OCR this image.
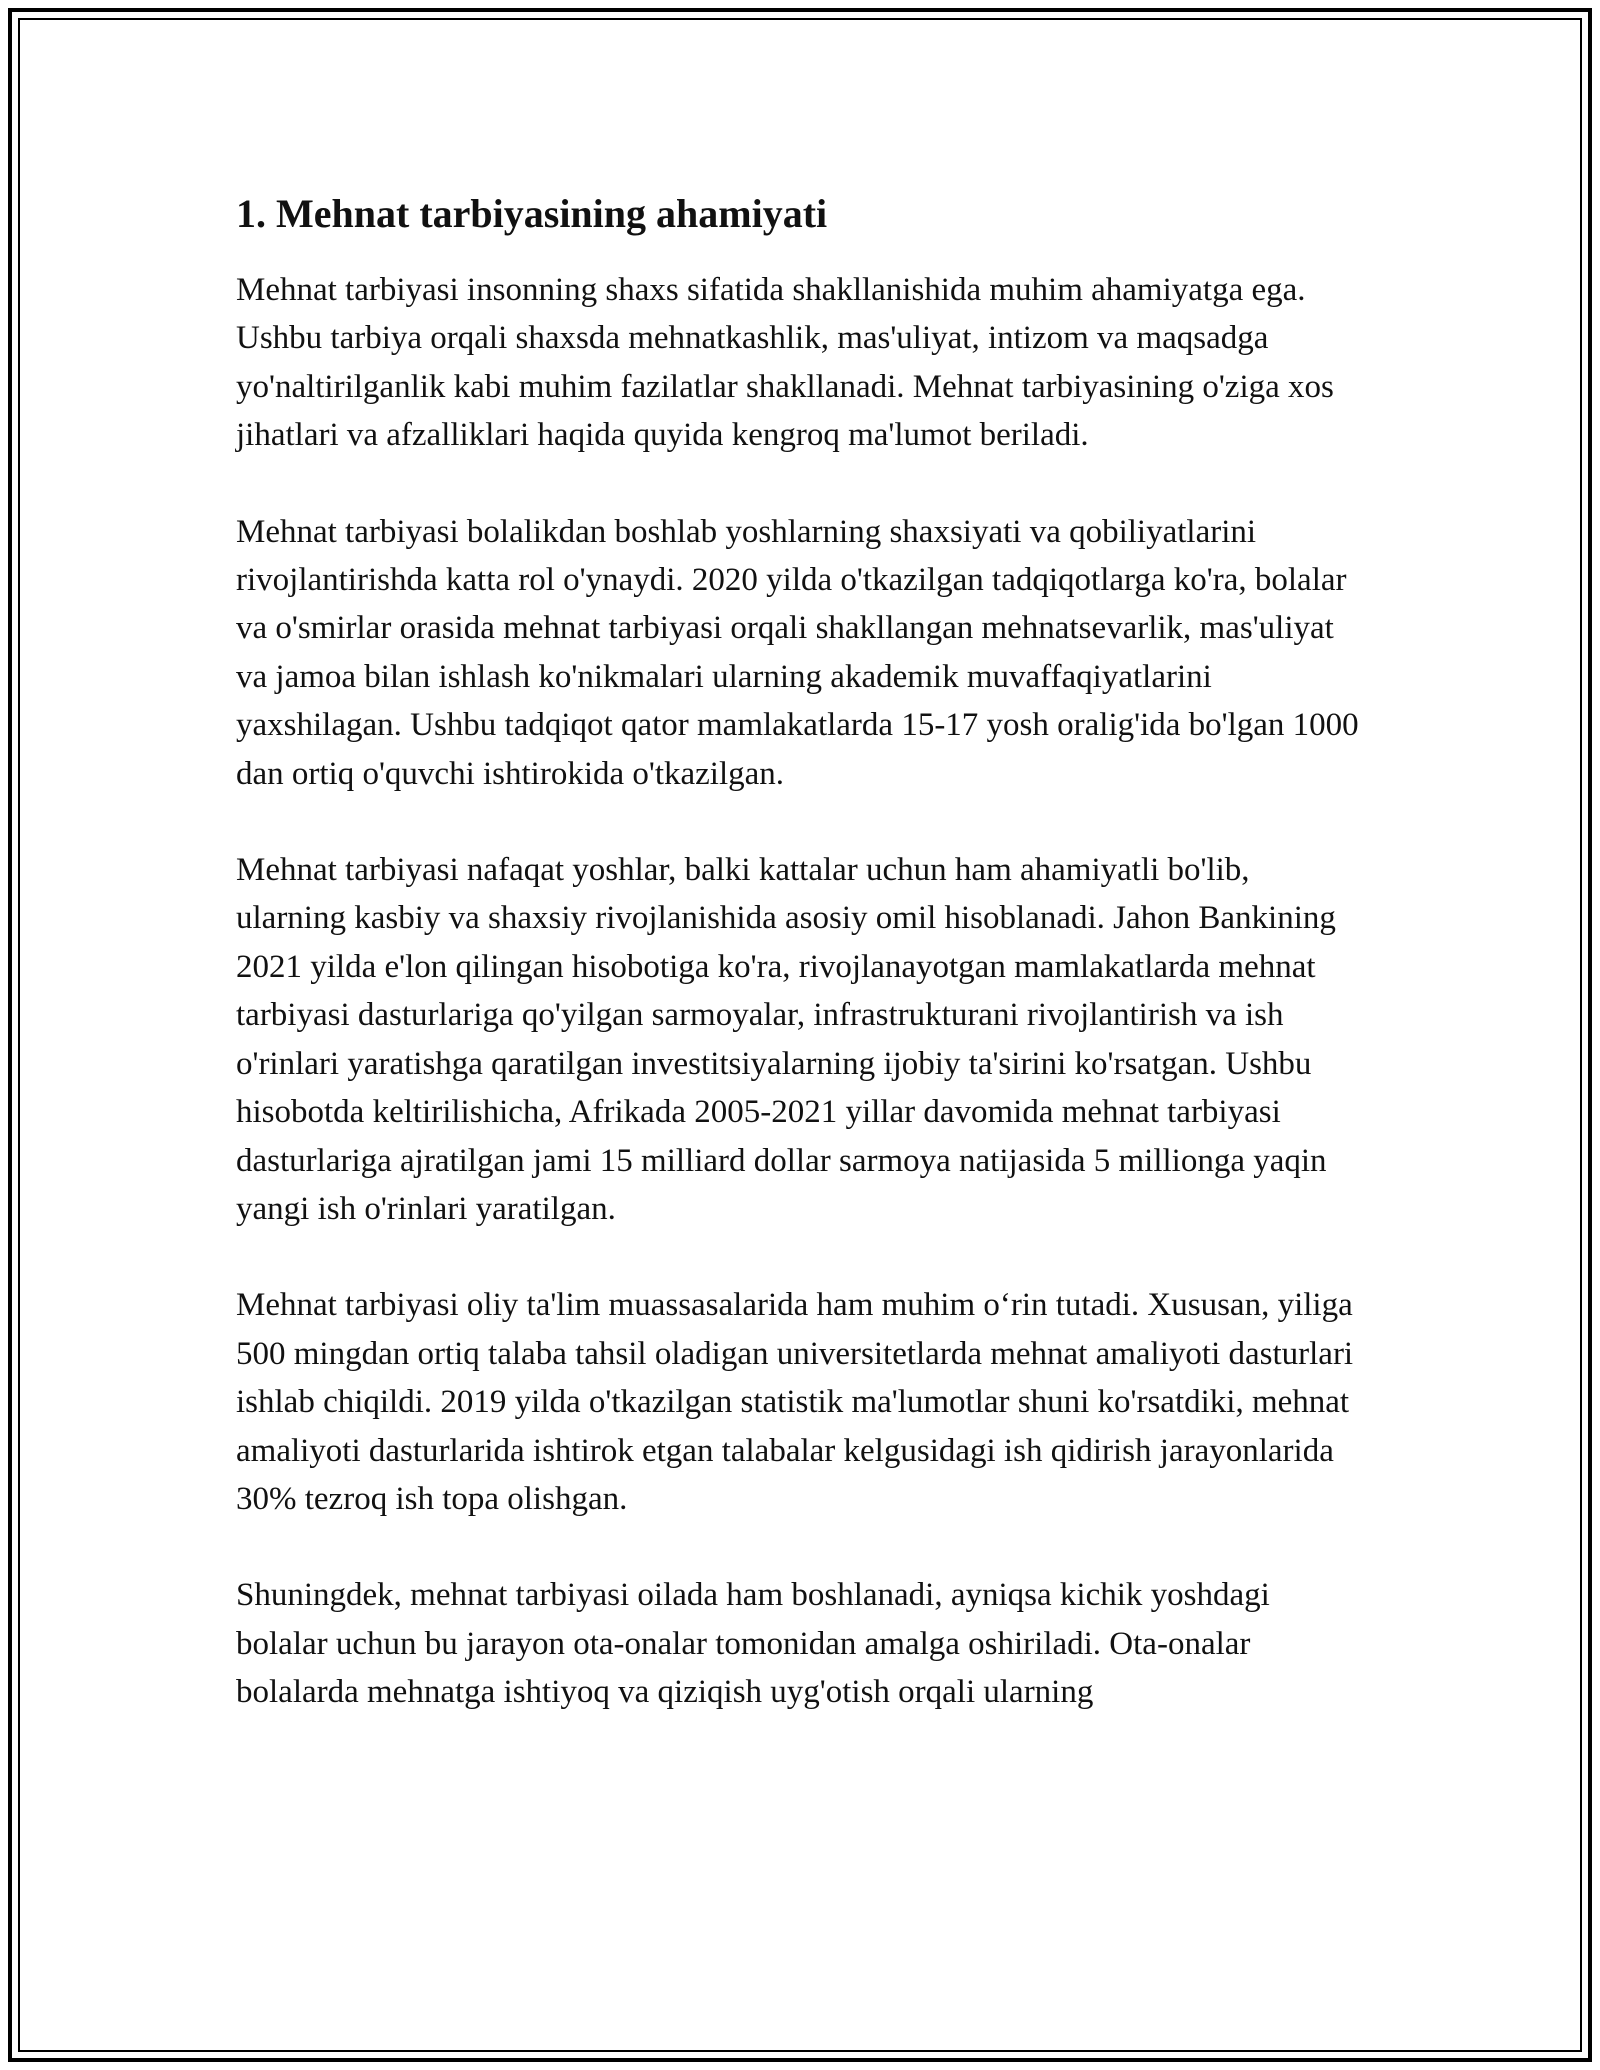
1. Mehnat tarbiyasining ahamiyati

Mehnat tarbiyasi insonning shaxs sifatida shakllanishida muhim ahamiyatga ega. Ushbu tarbiya orqali shaxsda mehnatkashlik, mas'uliyat, intizom va maqsadga yo'naltirilganlik kabi muhim fazilatlar shakllanadi. Mehnat tarbiyasining o'ziga xos jihatlari va afzalliklari haqida quyida kengroq ma'lumot beriladi.

Mehnat tarbiyasi bolalikdan boshlab yoshlarning shaxsiyati va qobiliyatlarini rivojlantirishda katta rol o'ynaydi. 2020 yilda o'tkazilgan tadqiqotlarga ko'ra, bolalar va o'smirlar orasida mehnat tarbiyasi orqali shakllangan mehnatsevarlik, mas'uliyat va jamoa bilan ishlash ko'nikmalari ularning akademik muvaffaqiyatlarini yaxshilagan. Ushbu tadqiqot qator mamlakatlarda 15-17 yosh oralig'ida bo'lgan 1000 dan ortiq o'quvchi ishtirokida o'tkazilgan.

Mehnat tarbiyasi nafaqat yoshlar, balki kattalar uchun ham ahamiyatli bo'lib, ularning kasbiy va shaxsiy rivojlanishida asosiy omil hisoblanadi. Jahon Bankining 2021 yilda e'lon qilingan hisobotiga ko'ra, rivojlanayotgan mamlakatlarda mehnat tarbiyasi dasturlariga qo'yilgan sarmoyalar, infrastrukturani rivojlantirish va ish o'rinlari yaratishga qaratilgan investitsiyalarning ijobiy ta'sirini ko'rsatgan. Ushbu hisobotda keltirilishicha, Afrikada 2005-2021 yillar davomida mehnat tarbiyasi dasturlariga ajratilgan jami 15 milliard dollar sarmoya natijasida 5 millionga yaqin yangi ish o'rinlari yaratilgan.

Mehnat tarbiyasi oliy ta'lim muassasalarida ham muhim o‘rin tutadi. Xususan, yiliga 500 mingdan ortiq talaba tahsil oladigan universitetlarda mehnat amaliyoti dasturlari ishlab chiqildi. 2019 yilda o'tkazilgan statistik ma'lumotlar shuni ko'rsatdiki, mehnat amaliyoti dasturlarida ishtirok etgan talabalar kelgusidagi ish qidirish jarayonlarida 30% tezroq ish topa olishgan.

Shuningdek, mehnat tarbiyasi oilada ham boshlanadi, ayniqsa kichik yoshdagi bolalar uchun bu jarayon ota-onalar tomonidan amalga oshiriladi. Ota-onalar bolalarda mehnatga ishtiyoq va qiziqish uyg'otish orqali ularning
